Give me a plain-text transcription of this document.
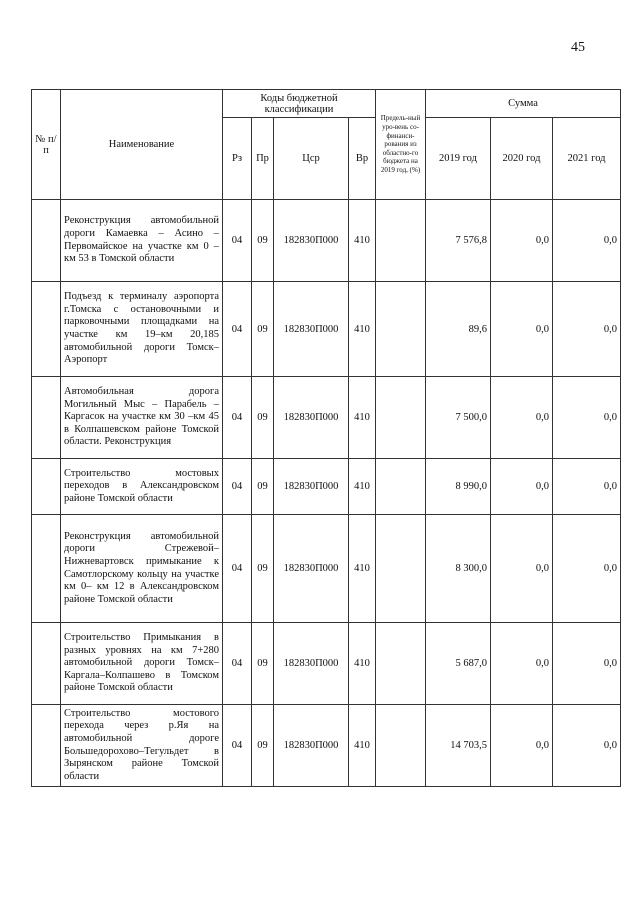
45
№ п/п	Наименование	Коды бюджетной классификации				Предель-ный уро-вень со-финанси-рования из областно-го бюджета на 2019 год, (%)	Сумма		
		Рз	Пр	Цср	Вр		2019 год	2020 год	2021 год
	Реконструкция автомобильной дороги Камаевка – Асино – Первомайское на участке км 0 – км 53 в Томской области	04	09	182830П000	410		7 576,8	0,0	0,0
	Подъезд к терминалу аэропорта г.Томска с остановочными и парковочными площадками на участке км 19–км 20,185 автомобильной дороги Томск–Аэропорт	04	09	182830П000	410		89,6	0,0	0,0
	Автомобильная дорога Могильный Мыс – Парабель – Каргасок на участке км 30 –км 45 в Колпашевском районе Томской области. Реконструкция	04	09	182830П000	410		7 500,0	0,0	0,0
	Строительство мостовых переходов в Александровском районе Томской области	04	09	182830П000	410		8 990,0	0,0	0,0
	Реконструкция автомобильной дороги Стрежевой–Нижневартовск примыкание к Самотлорскому кольцу на участке км 0– км 12 в Александровском районе Томской области	04	09	182830П000	410		8 300,0	0,0	0,0
	Строительство Примыкания в разных уровнях на км 7+280 автомобильной дороги Томск–Каргала–Колпашево в Томском районе Томской области	04	09	182830П000	410		5 687,0	0,0	0,0
	Строительство мостового перехода через р.Яя на автомобильной дороге Большедорохово–Тегульдет в Зырянском районе Томской области	04	09	182830П000	410		14 703,5	0,0	0,0
